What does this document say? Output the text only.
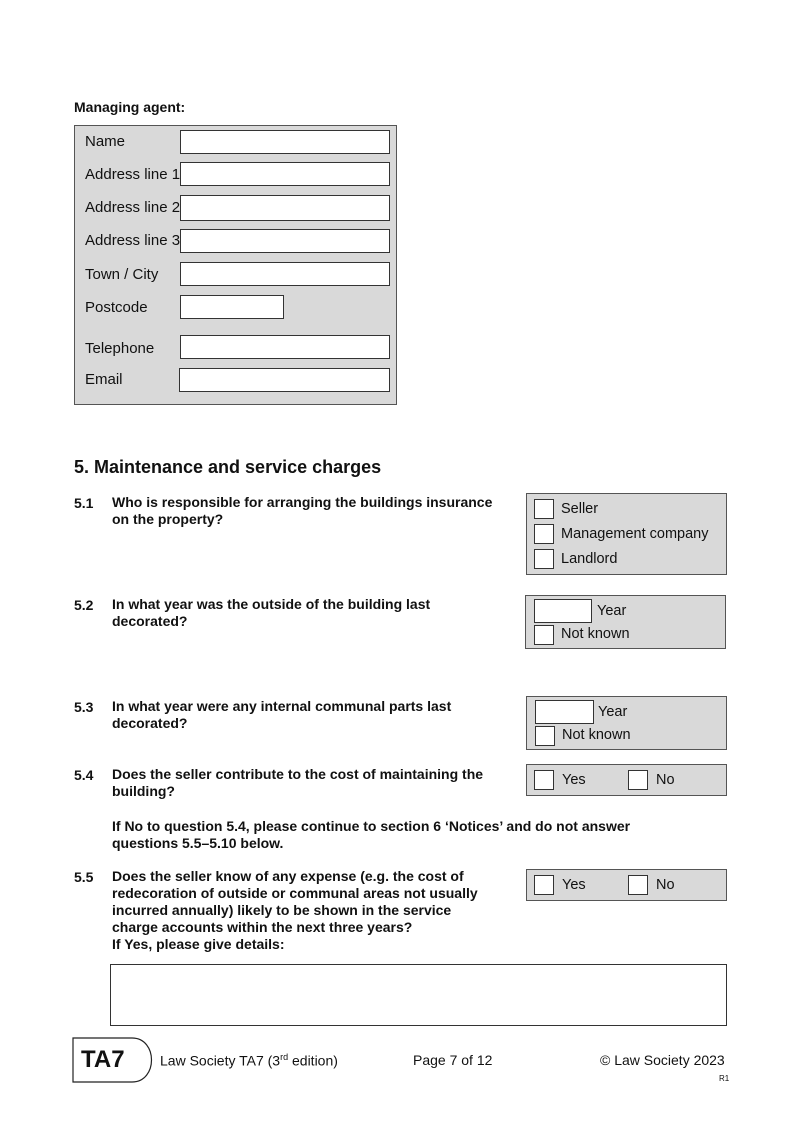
Managing agent:
Name
Address line 1
Address line 2
Address line 3
Town / City
Postcode
Telephone
Email
5. Maintenance and service charges
5.1 Who is responsible for arranging the buildings insurance
on the property?
Seller
Management company
Landlord
5.2 In what year was the outside of the building last
decorated?
Year
Not known
5.3 In what year were any internal communal parts last
decorated?
Year
Not known
5.4 Does the seller contribute to the cost of maintaining the
building?
Yes	No
If No to question 5.4, please continue to section 6 ‘Notices’ and do not answer
questions 5.5–5.10 below.
5.5 Does the seller know of any expense (e.g. the cost of
redecoration of outside or communal areas not usually
incurred annually) likely to be shown in the service
charge accounts within the next three years?
If Yes, please give details:
Yes	No
TA7	Law Society TA7 (3rd edition)	Page 7 of 12	© Law Society 2023
R1
